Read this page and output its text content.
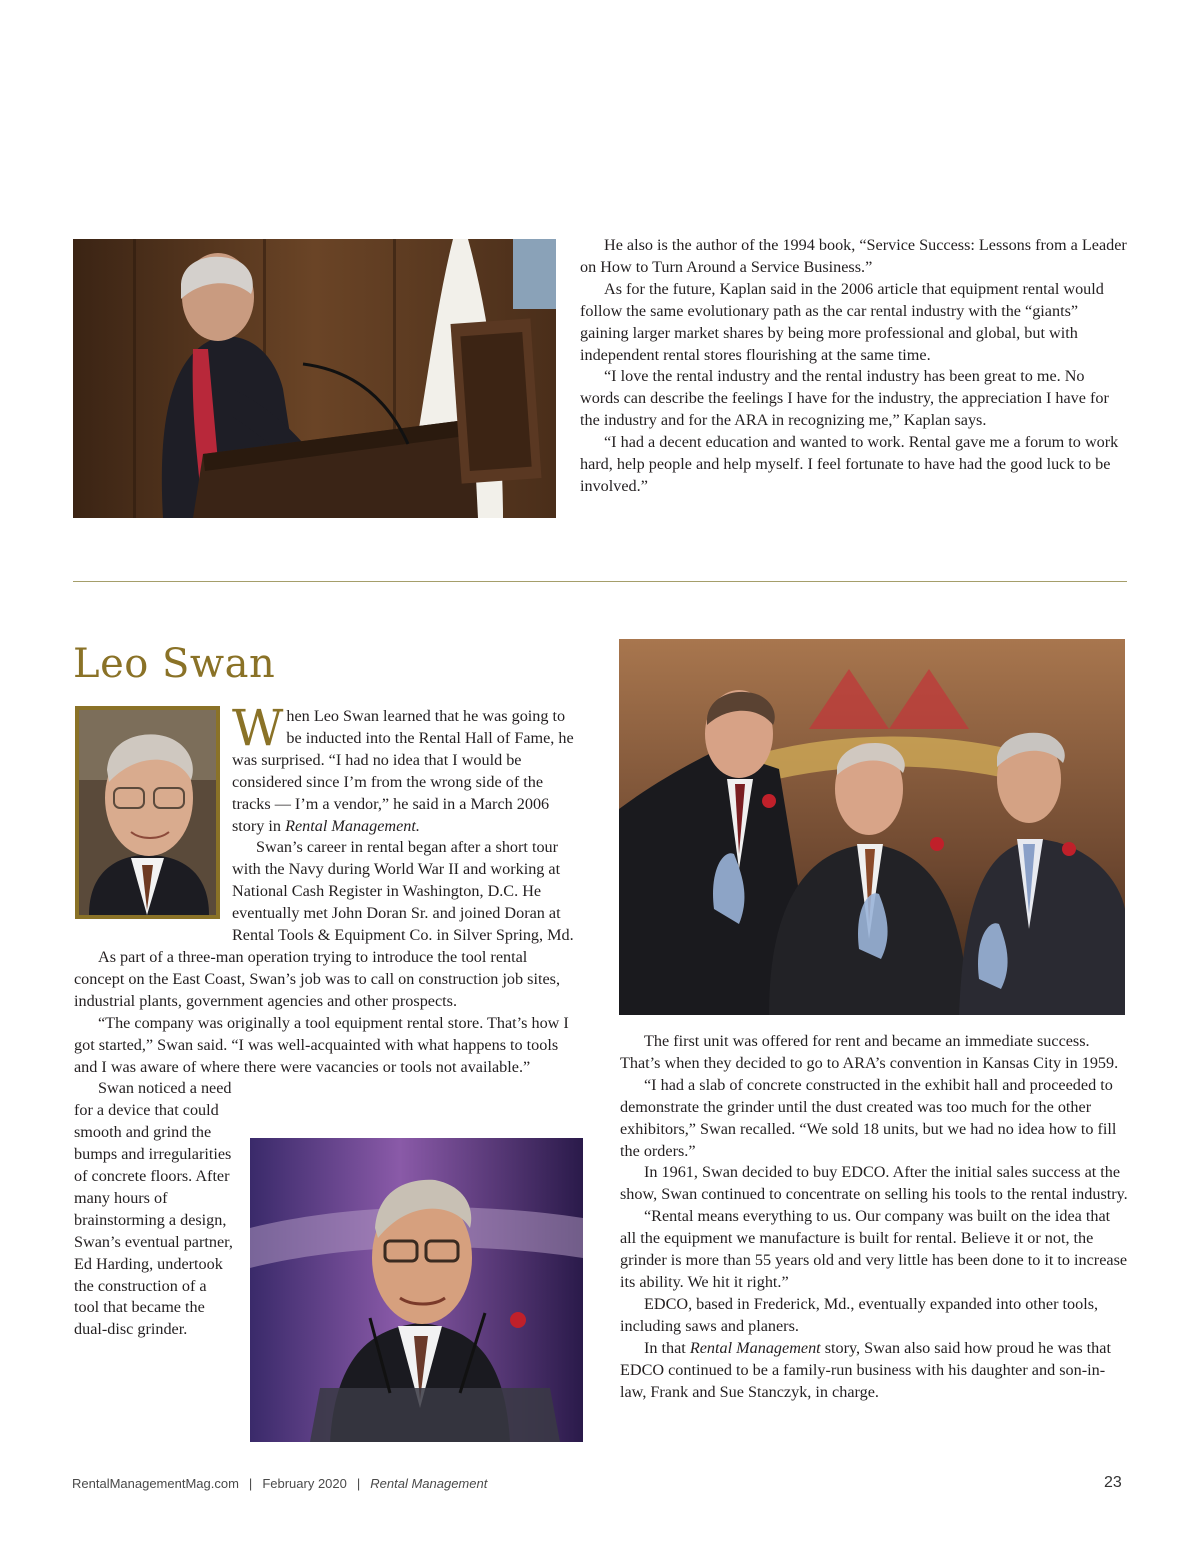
He also is the author of the 1994 book, “Service Success: Lessons from a Leader on How to Turn Around a Service Business.”

As for the future, Kaplan said in the 2006 article that equipment rental would follow the same evolutionary path as the car rental industry with the “giants” gaining larger market shares by being more professional and global, but with independent rental stores flourishing at the same time.

“I love the rental industry and the rental industry has been great to me. No words can describe the feelings I have for the industry, the appreciation I have for the industry and for the ARA in recognizing me,” Kaplan says.

“I had a decent education and wanted to work. Rental gave me a forum to work hard, help people and help myself. I feel fortunate to have had the good luck to be involved.”

Leo Swan

When Leo Swan learned that he was going to be inducted into the Rental Hall of Fame, he was surprised. “I had no idea that I would be considered since I’m from the wrong side of the tracks — I’m a vendor,” he said in a March 2006 story in Rental Management.

Swan’s career in rental began after a short tour with the Navy during World War II and working at National Cash Register in Washington, D.C. He eventually met John Doran Sr. and joined Doran at Rental Tools & Equipment Co. in Silver Spring, Md.

As part of a three-man operation trying to introduce the tool rental concept on the East Coast, Swan’s job was to call on construction job sites, industrial plants, government agencies and other prospects.

“The company was originally a tool equipment rental store. That’s how I got started,” Swan said. “I was well-acquainted with what happens to tools and I was aware of where there were vacancies or tools not available.”

Swan noticed a need for a device that could smooth and grind the bumps and irregularities of concrete floors. After many hours of brainstorming a design, Swan’s eventual partner, Ed Harding, undertook the construction of a tool that became the dual-disc grinder.

The first unit was offered for rent and became an immediate success. That’s when they decided to go to ARA’s convention in Kansas City in 1959.

“I had a slab of concrete constructed in the exhibit hall and proceeded to demonstrate the grinder until the dust created was too much for the other exhibitors,” Swan recalled. “We sold 18 units, but we had no idea how to fill the orders.”

In 1961, Swan decided to buy EDCO. After the initial sales success at the show, Swan continued to concentrate on selling his tools to the rental industry.

“Rental means everything to us. Our company was built on the idea that all the equipment we manufacture is built for rental. Believe it or not, the grinder is more than 55 years old and very little has been done to it to increase its ability. We hit it right.”

EDCO, based in Frederick, Md., eventually expanded into other tools, including saws and planers.

In that Rental Management story, Swan also said how proud he was that EDCO continued to be a family-run business with his daughter and son-in-law, Frank and Sue Stanczyk, in charge.

RentalManagementMag.com | February 2020 | Rental Management	23
